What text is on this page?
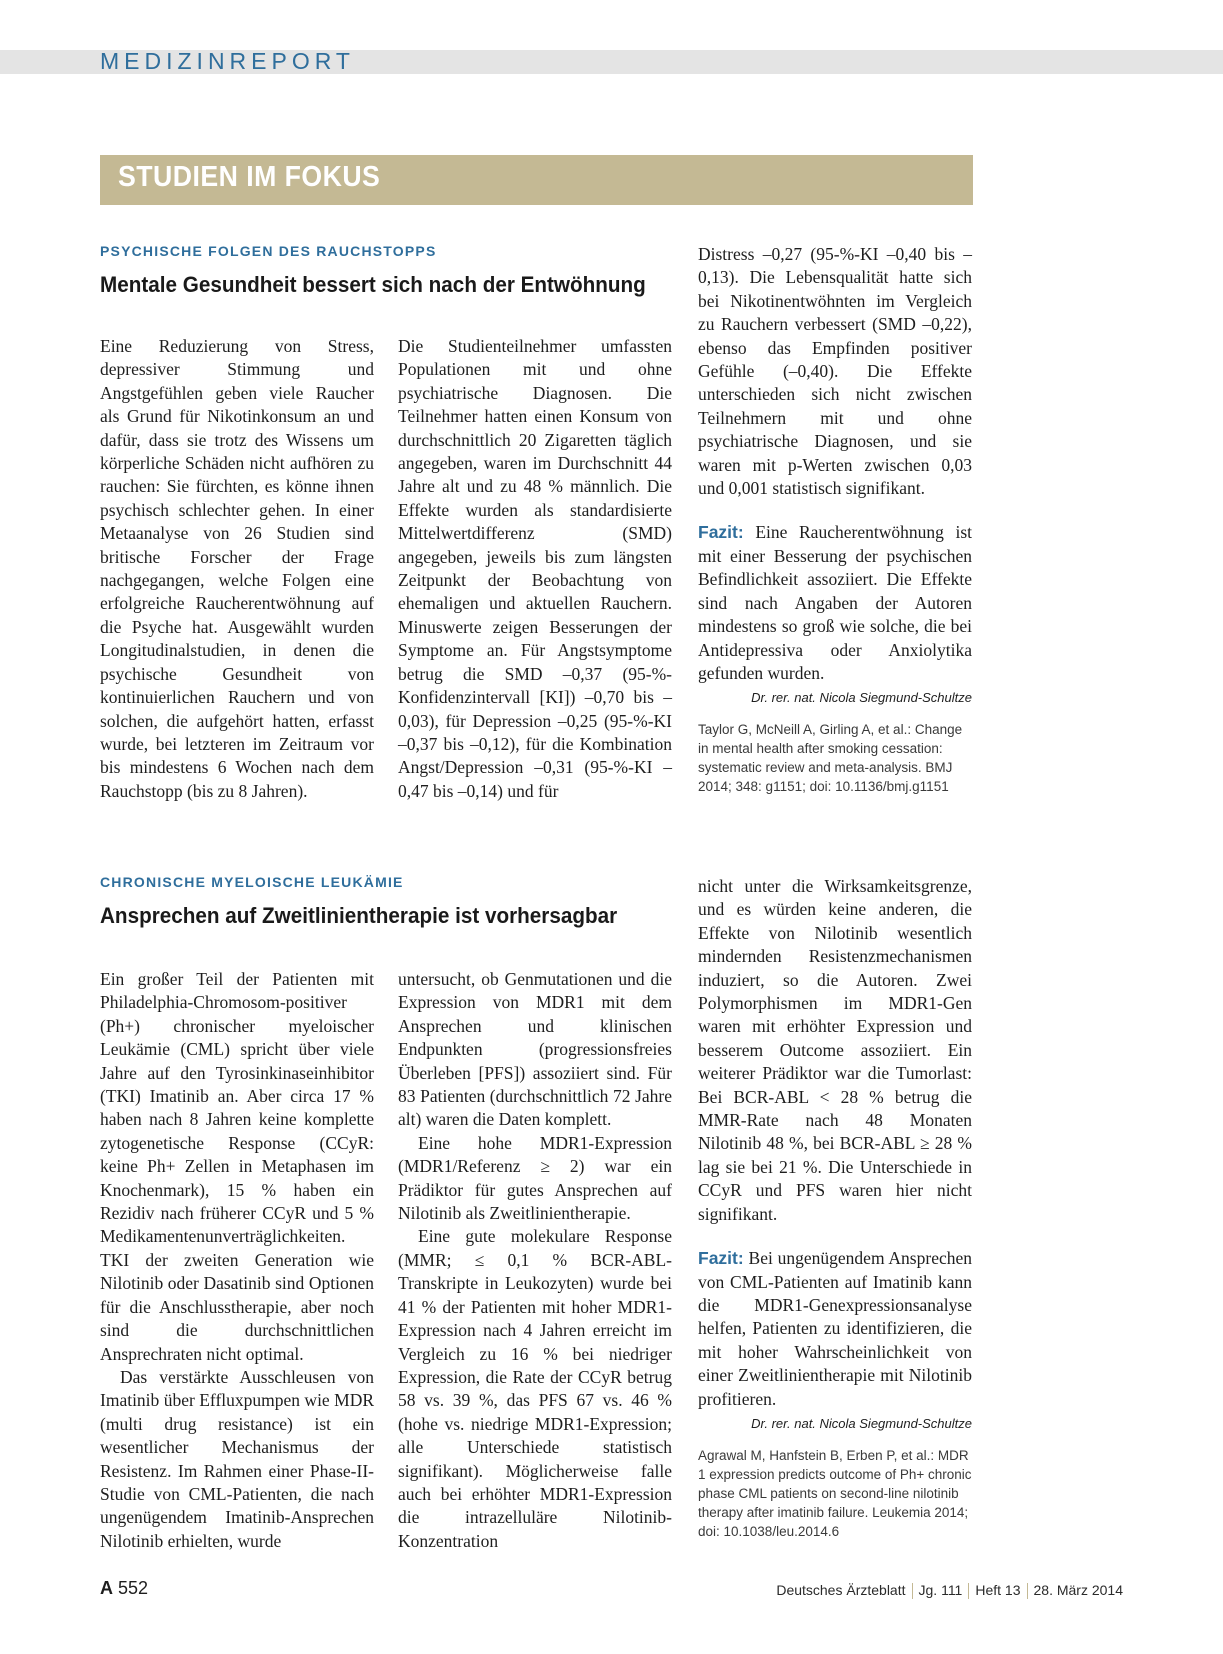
MEDIZINREPORT
STUDIEN IM FOKUS
PSYCHISCHE FOLGEN DES RAUCHSTOPPS
Mentale Gesundheit bessert sich nach der Entwöhnung

Eine Reduzierung von Stress, depressiver Stimmung und Angstgefühlen geben viele Raucher als Grund für Nikotinkonsum an und dafür, dass sie trotz des Wissens um körperliche Schäden nicht aufhören zu rauchen: Sie fürchten, es könne ihnen psychisch schlechter gehen. In einer Metaanalyse von 26 Studien sind britische Forscher der Frage nachgegangen, welche Folgen eine erfolgreiche Raucherentwöhnung auf die Psyche hat. Ausgewählt wurden Longitudinalstudien, in denen die psychische Gesundheit von kontinuierlichen Rauchern und von solchen, die aufgehört hatten, erfasst wurde, bei letzteren im Zeitraum vor bis mindestens 6 Wochen nach dem Rauchstopp (bis zu 8 Jahren).

Die Studienteilnehmer umfassten Populationen mit und ohne psychiatrische Diagnosen. Die Teilnehmer hatten einen Konsum von durchschnittlich 20 Zigaretten täglich angegeben, waren im Durchschnitt 44 Jahre alt und zu 48 % männlich. Die Effekte wurden als standardisierte Mittelwertdifferenz (SMD) angegeben, jeweils bis zum längsten Zeitpunkt der Beobachtung von ehemaligen und aktuellen Rauchern. Minuswerte zeigen Besserungen der Symptome an. Für Angstsymptome betrug die SMD –0,37 (95-%-Konfidenzintervall [KI]) –0,70 bis –0,03), für Depression –0,25 (95-%-KI –0,37 bis –0,12), für die Kombination Angst/Depression –0,31 (95-%-KI –0,47 bis –0,14) und für

Distress –0,27 (95-%-KI –0,40 bis –0,13). Die Lebensqualität hatte sich bei Nikotinentwöhnten im Vergleich zu Rauchern verbessert (SMD –0,22), ebenso das Empfinden positiver Gefühle (–0,40). Die Effekte unterschieden sich nicht zwischen Teilnehmern mit und ohne psychiatrische Diagnosen, und sie waren mit p-Werten zwischen 0,03 und 0,001 statistisch signifikant.

Fazit: Eine Raucherentwöhnung ist mit einer Besserung der psychischen Befindlichkeit assoziiert. Die Effekte sind nach Angaben der Autoren mindestens so groß wie solche, die bei Antidepressiva oder Anxiolytika gefunden wurden.

Dr. rer. nat. Nicola Siegmund-Schultze
Taylor G, McNeill A, Girling A, et al.: Change in mental health after smoking cessation: systematic review and meta-analysis. BMJ 2014; 348: g1151; doi: 10.1136/bmj.g1151
CHRONISCHE MYELOISCHE LEUKÄMIE
Ansprechen auf Zweitlinientherapie ist vorhersagbar

Ein großer Teil der Patienten mit Philadelphia-Chromosom-positiver (Ph+) chronischer myeloischer Leukämie (CML) spricht über viele Jahre auf den Tyrosinkinaseinhibitor (TKI) Imatinib an. Aber circa 17 % haben nach 8 Jahren keine komplette zytogenetische Response (CCyR: keine Ph+ Zellen in Metaphasen im Knochenmark), 15 % haben ein Rezidiv nach früherer CCyR und 5 % Medikamentenunverträglichkeiten. TKI der zweiten Generation wie Nilotinib oder Dasatinib sind Optionen für die Anschlusstherapie, aber noch sind die durchschnittlichen Ansprechraten nicht optimal.

Das verstärkte Ausschleusen von Imatinib über Effluxpumpen wie MDR (multi drug resistance) ist ein wesentlicher Mechanismus der Resistenz. Im Rahmen einer Phase-II-Studie von CML-Patienten, die nach ungenügendem Imatinib-Ansprechen Nilotinib erhielten, wurde

untersucht, ob Genmutationen und die Expression von MDR1 mit dem Ansprechen und klinischen Endpunkten (progressionsfreies Überleben [PFS]) assoziiert sind. Für 83 Patienten (durchschnittlich 72 Jahre alt) waren die Daten komplett.

Eine hohe MDR1-Expression (MDR1/Referenz ≥ 2) war ein Prädiktor für gutes Ansprechen auf Nilotinib als Zweitlinientherapie.

Eine gute molekulare Response (MMR; ≤ 0,1 % BCR-ABL-Transkripte in Leukozyten) wurde bei 41 % der Patienten mit hoher MDR1-Expression nach 4 Jahren erreicht im Vergleich zu 16 % bei niedriger Expression, die Rate der CCyR betrug 58 vs. 39 %, das PFS 67 vs. 46 % (hohe vs. niedrige MDR1-Expression; alle Unterschiede statistisch signifikant). Möglicherweise falle auch bei erhöhter MDR1-Expression die intrazelluläre Nilotinib-Konzentration

nicht unter die Wirksamkeitsgrenze, und es würden keine anderen, die Effekte von Nilotinib wesentlich mindernden Resistenzmechanismen induziert, so die Autoren. Zwei Polymorphismen im MDR1-Gen waren mit erhöhter Expression und besserem Outcome assoziiert. Ein weiterer Prädiktor war die Tumorlast: Bei BCR-ABL < 28 % betrug die MMR-Rate nach 48 Monaten Nilotinib 48 %, bei BCR-ABL ≥ 28 % lag sie bei 21 %. Die Unterschiede in CCyR und PFS waren hier nicht signifikant.

Fazit: Bei ungenügendem Ansprechen von CML-Patienten auf Imatinib kann die MDR1-Genexpressionsanalyse helfen, Patienten zu identifizieren, die mit hoher Wahrscheinlichkeit von einer Zweitlinientherapie mit Nilotinib profitieren.

Dr. rer. nat. Nicola Siegmund-Schultze
Agrawal M, Hanfstein B, Erben P, et al.: MDR 1 expression predicts outcome of Ph+ chronic phase CML patients on second-line nilotinib therapy after imatinib failure. Leukemia 2014; doi: 10.1038/leu.2014.6
A 552	Deutsches Ärzteblatt Jg. 111 Heft 13 28. März 2014
